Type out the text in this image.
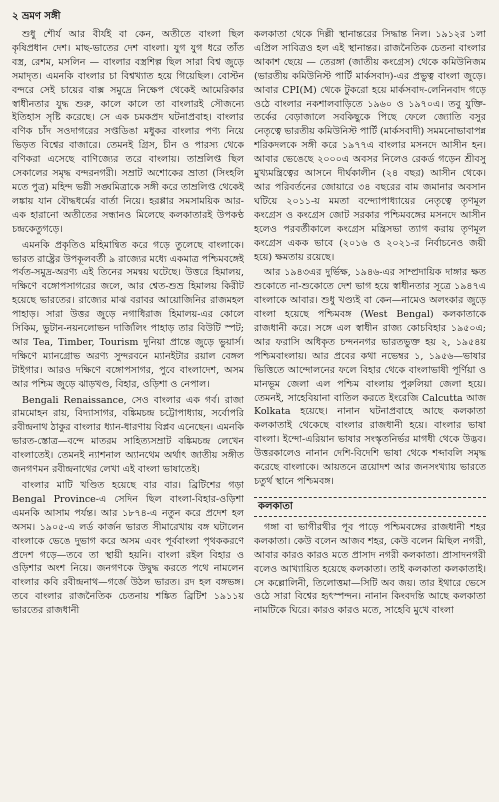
২ ভ্রমণ সঙ্গী

শুধু শৌর্য আর বীর্যই বা কেন, অতীতে বাংলা ছিল কৃষিপ্রধান দেশ। মাছ-ভাতের দেশ বাংলা। যুগ যুগ ধরে তাঁত বস্ত্র, রেশম, মসলিন — বাংলার বস্ত্রশিল্প ছিল সারা বিশ্ব জুড়ে সমাদৃত। এমনকি বাংলার চা বিশ্বখ্যাত হয়ে গিয়েছিল। বোস্টন বন্দরে সেই চায়ের বাক্স সমুদ্রে নিক্ষেপ থেকেই আমেরিকার স্বাধীনতার যুদ্ধ শুরু, কালে কালে তা বাংলারই সৌজন্যে ইতিহাস সৃষ্টি করেছে। সে এক চমকপ্রদ ঘটনাপ্রবাহ। বাংলার বণিক চাঁদ সওদাগরের সপ্তডিঙা মধুকর বাংলার পণ্য নিয়ে ভিড়ত বিশ্বের বাজারে। তেমনই গ্রিস, চীন ও পারস্য থেকে বণিকরা এসেছে বাণিজ্যের তরে বাংলায়। তাম্রলিপ্ত ছিল সেকালের সমৃদ্ধ বন্দরনগরী। সম্রাট অশোকের ভ্রাতা (সিংহলি মতে পুত্র) মহিন্দ ভগ্নী সঙ্ঘমিত্রাকে সঙ্গী করে তাম্রলিপ্ত থেকেই লঙ্কায় যান বৌদ্ধধর্মের বার্তা নিয়ে। হরপ্পার সমসাময়িক আর-এক হারানো অতীতের সন্ধানও মিলেছে কলকাতারই উপকণ্ঠ চন্দ্রকেতুগড়ে।

এমনকি প্রকৃতিও মহিমান্বিত করে গড়ে তুলেছে বাংলাকে। ভারত রাষ্ট্রের উপকূলবর্তী ৯ রাজ্যের মধ্যে একমাত্র পশ্চিমবঙ্গেই পর্বত-সমুদ্র-অরণ্য এই তিনের সমন্বয় ঘটেছে। উত্তরে হিমালয়, দক্ষিণে বঙ্গোপসাগরের জলে, আর শ্বেত-শুভ্র হিমালয় কিরীট হয়েছে ভারতের। রাজ্যের মাঝ বরাবর আয়োজিনির রাজমহল পাহাড়। সারা উত্তর জুড়ে নগাধিরাজ হিমালয়-এর কোলে সিকিম, ভুটান-নয়নলোভন দার্জিলিং পাহাড় তার বিউটি স্পট; আর Tea, Timber, Tourism দুনিয়া প্রান্তে জুড়ে ভুয়ার্স। দক্ষিণে ম্যানগ্রোভ অরণ্য সুন্দরবনে ম্যানইটার রয়াল বেঙ্গল টাইগার। আরও দক্ষিণে বঙ্গোপসাগর, পুবে বাংলাদেশ, অসম আর পশ্চিম জুড়ে ঝাড়খণ্ড, বিহার, ওড়িশা ও নেপাল।

Bengali Renaissance, সেও বাংলার এক গর্ব। রাজা রামমোহন রায়, বিদ্যাসাগর, বঙ্কিমচন্দ্র চট্টোপাধ্যায়, সর্বোপরি রবীন্দ্রনাথ ঠাকুর বাংলার ধ্যান-ধারণায় বিপ্লব এনেছেন। এমনকি ভারত-স্তোত্র—বন্দে মাতরম সাহিত্যসম্রাট বঙ্কিমচন্দ্র লেখেন বাংলাতেই। তেমনই ন্যাশনাল অ্যানথেম অর্থাৎ জাতীয় সঙ্গীত জনগণমন রবীন্দ্রনাথের লেখা এই বাংলা ভাষাতেই।

বাংলার মাটি খণ্ডিত হয়েছে বার বার। ব্রিটিশের গড়া Bengal Province-এ সেদিন ছিল বাংলা-বিহার-ওড়িশা এমনকি আসাম পর্যন্ত। আর ১৮৭৪-এ নতুন করে প্রদেশ হল অসম। ১৯০৫-এ লর্ড কার্জন ভারত সীমারেখায় বঙ্গ ঘটালেন বাংলাকে ভেঙে দুভাগ করে অসম এবং পূর্ববাংলা পৃথককরণে প্রদেশ গড়ে—তবে তা স্থায়ী হয়নি। বাংলা রইল বিহার ও ওড়িশার অংশ নিয়ে। জনগণকে উদ্বুদ্ধ করতে পথে নামলেন বাংলার কবি রবীন্দ্রনাথ—গর্জে উঠল ভারত। রদ হল বঙ্গভঙ্গ। তবে বাংলার রাজনৈতিক চেতনায় শঙ্কিত ব্রিটিশ ১৯১১য় ভারতের রাজধানী

কলকাতা থেকে দিল্লী স্থানান্তরের সিদ্ধান্ত নিল। ১৯১২র ১লা এপ্রিল সাবিত্রও হল এই স্থানান্তর। রাজনৈতিক চেতনা বাংলার আকাশ ছেয়ে — তেরঙ্গা (জাতীয় কংগ্রেস) থেকে কমিউনিজম (ভারতীয় কমিউনিস্ট পার্টি মার্কসবাদ)-এর প্রভুত্ব বাংলা জুড়ে। আবার CPI(M) থেকে টুকরো হয়ে মার্কসবাদ-লেনিনবাদ গড়ে ওঠে বাংলার নকশালবাড়িতে ১৯৬০ ও ১৯৭০এ। তবু যুক্তি-তর্কের বেড়াজালে সবকিছুকে পিছে ফেলে জ্যোতি বসুর নেতৃত্বে ভারতীয় কমিউনিস্ট পার্টি (মার্কসবাদী) সমমনোভাবাপন্ন শরিকদলকে সঙ্গী করে ১৯৭৭এ বাংলার মসনদে আসীন হন। আবার ভেঙেছে ২০০০এ অবসর নিলেও রেকর্ড গড়েন শ্রীবসু মুখ্যমন্ত্রিত্বের আসনে দীর্ঘকালীন (২৪ বছর) আসীন থেকে। আর পরিবর্তনের জোয়ারে ৩৪ বছরের বাম জমানার অবসান ঘটিয়ে ২০১১-য় মমতা বন্দ্যোপাধ্যায়ের নেতৃত্বে তৃণমূল কংগ্রেস ও কংগ্রেস জোট সরকার পশ্চিমবঙ্গের মসনদে আসীন হলেও পরবর্তীকালে কংগ্রেস মন্ত্রিসভা ত্যাগ করায় তৃণমূল কংগ্রেস একক ভাবে (২০১৬ ও ২০২১-র নির্বাচনেও জয়ী হয়ে) ক্ষমতায় রয়েছে।

আর ১৯৪৩এর দুর্ভিক্ষ, ১৯৪৬-এর সাম্প্রদায়িক দাঙ্গার ক্ষত শুকোতে না-শুকোতে দেশ ভাগ হয়ে স্বাধীনতার সূত্রে ১৯৪৭এ বাংলাকে আবার। শুধু খণ্ড্যই বা কেন—নামেও অলংকার জুড়ে বাংলা হয়েছে পশ্চিমবঙ্গ (West Bengal) কলকাতাকে রাজধানী করে। সঙ্গে এল স্বাধীন রাজ্য কোচবিহার ১৯৫০এ; আর ফরাসি অধিকৃত চন্দননগর ভারতভুক্ত হয় ২, ১৯৫৪য় পশ্চিমবাংলায়। আর প্রবের কথা নভেম্বর ১, ১৯৫৬—ভাষার ভিত্তিতে আন্দোলনের ফলে বিহার থেকে বাংলাভাষী পূর্ণিয়া ও মানভূম জেলা এল পশ্চিম বাংলায় পুরুলিয়া জেলা হয়ে। তেমনই, সাহেবিয়ানা বাতিল করতে ইংরেজি Calcutta আজ Kolkata হয়েছে। নানান ঘটনাপ্রবাহে আছে কলকাতা কলকাতাই থেকেছে বাংলার রাজধানী হয়ে। বাংলার ভাষা বাংলা। ইন্দো-এরিয়ান ভাষার সংস্কৃতনির্ভর মাগধী থেকে উদ্ভব। উত্তরকালেও নানান দেশি-বিদেশি ভাষা থেকে শব্দাবলি সমৃদ্ধ করেছে বাংলাকে। আয়তনে ত্রয়োদশ আর জনসংখ্যায় ভারতে চতুর্থ স্থানে পশ্চিমবঙ্গ।

কলকাতা

গঙ্গা বা ভাগীরথীর পূব পাড়ে পশ্চিমবঙ্গের রাজধানী শহর কলকাতা। কেউ বলেন আজব শহর, কেউ বলেন মিছিল নগরী, আবার কারও কারও মতে প্রাসাদ নগরী কলকাতা। প্রাসাদনগরী বলেও আখ্যায়িত হয়েছে কলকাতা। তাই কলকাতা কলকাতাই। সে কল্লোলিনী, তিলোত্তমা—সিটি অব জয়। তার ইথারে ভেসে ওঠে সারা বিশ্বের হৃৎস্পন্দন। নানান কিংবদন্তি আছে কলকাতা নামটিকে ঘিরে। কারও কারও মতে, সাহেবি মুখে বাংলা
